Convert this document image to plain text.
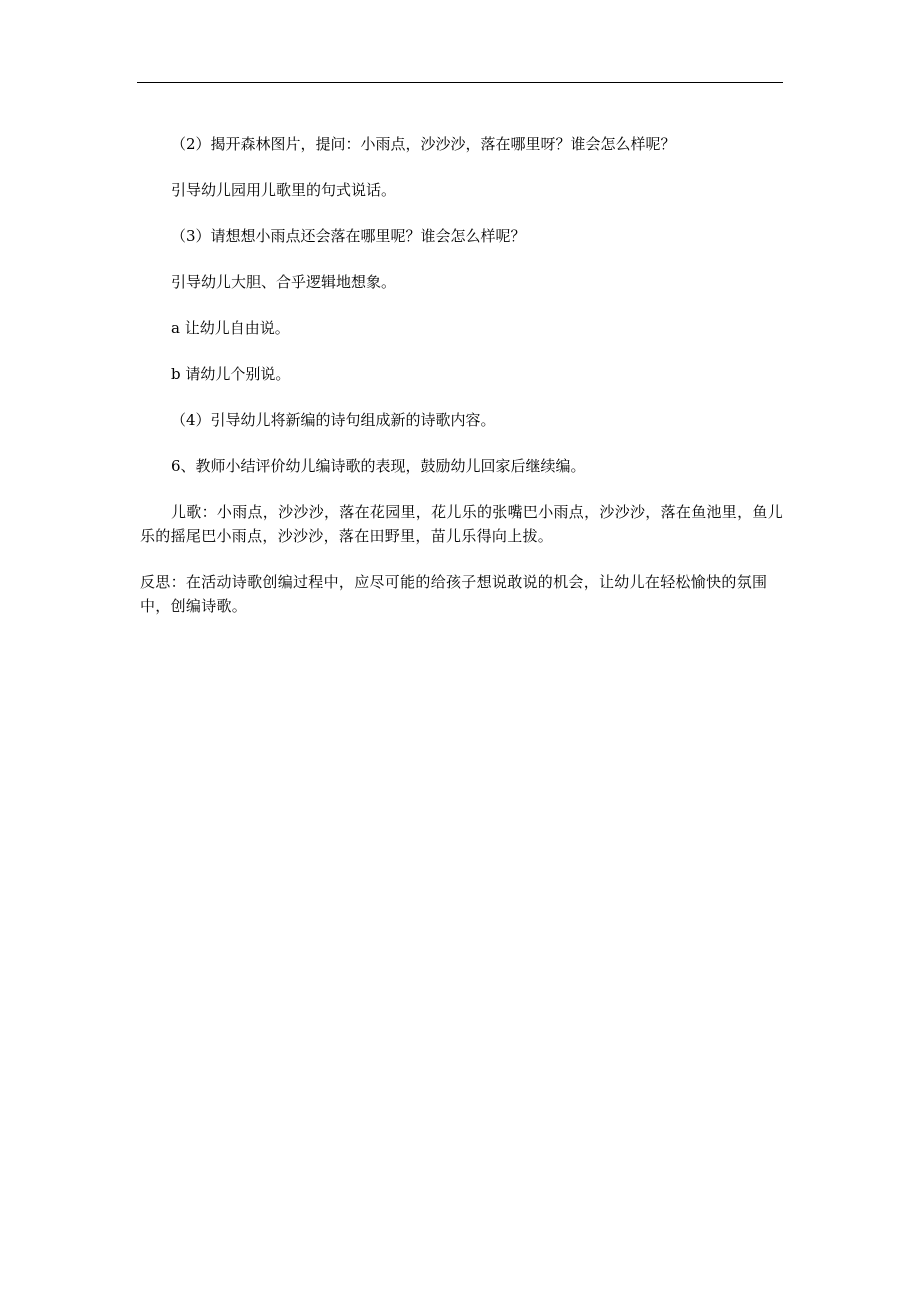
（2）揭开森林图片，提问：小雨点，沙沙沙，落在哪里呀？谁会怎么样呢？

引导幼儿园用儿歌里的句式说话。

（3）请想想小雨点还会落在哪里呢？谁会怎么样呢？

引导幼儿大胆、合乎逻辑地想象。

a 让幼儿自由说。

b 请幼儿个别说。

（4）引导幼儿将新编的诗句组成新的诗歌内容。

6、教师小结评价幼儿编诗歌的表现，鼓励幼儿回家后继续编。

儿歌：小雨点，沙沙沙，落在花园里，花儿乐的张嘴巴小雨点，沙沙沙，落在鱼池里，鱼儿乐的摇尾巴小雨点，沙沙沙，落在田野里，苗儿乐得向上拔。

反思：在活动诗歌创编过程中，应尽可能的给孩子想说敢说的机会，让幼儿在轻松愉快的氛围中，创编诗歌。
